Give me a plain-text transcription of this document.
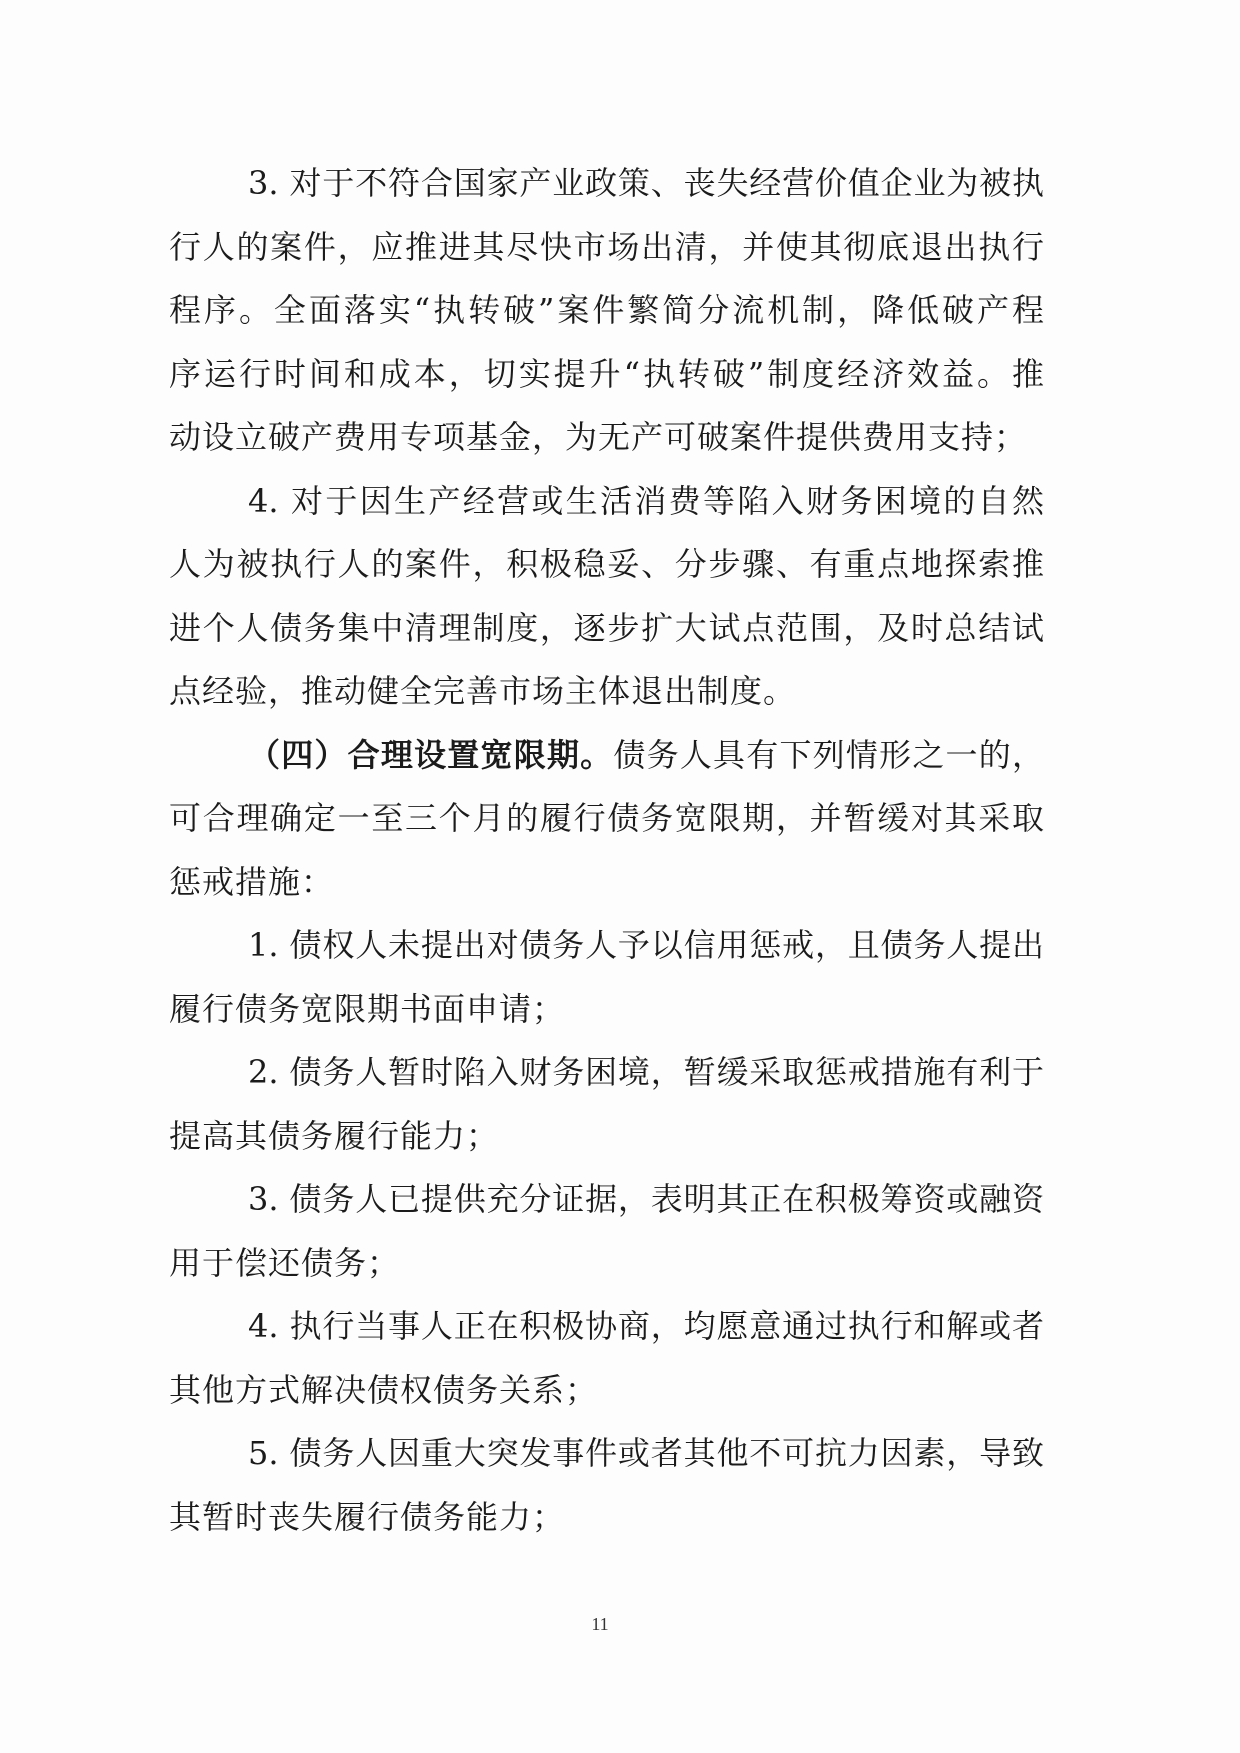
3. 对于不符合国家产业政策、丧失经营价值企业为被执
行人的案件，应推进其尽快市场出清，并使其彻底退出执行
程序。全面落实“执转破”案件繁简分流机制，降低破产程
序运行时间和成本，切实提升“执转破”制度经济效益。推
动设立破产费用专项基金，为无产可破案件提供费用支持；
4. 对于因生产经营或生活消费等陷入财务困境的自然
人为被执行人的案件，积极稳妥、分步骤、有重点地探索推
进个人债务集中清理制度，逐步扩大试点范围，及时总结试
点经验，推动健全完善市场主体退出制度。
（四）合理设置宽限期。债务人具有下列情形之一的，
可合理确定一至三个月的履行债务宽限期，并暂缓对其采取
惩戒措施：
1. 债权人未提出对债务人予以信用惩戒，且债务人提出
履行债务宽限期书面申请；
2. 债务人暂时陷入财务困境，暂缓采取惩戒措施有利于
提高其债务履行能力；
3. 债务人已提供充分证据，表明其正在积极筹资或融资
用于偿还债务；
4. 执行当事人正在积极协商，均愿意通过执行和解或者
其他方式解决债权债务关系；
5. 债务人因重大突发事件或者其他不可抗力因素，导致
其暂时丧失履行债务能力；
11
